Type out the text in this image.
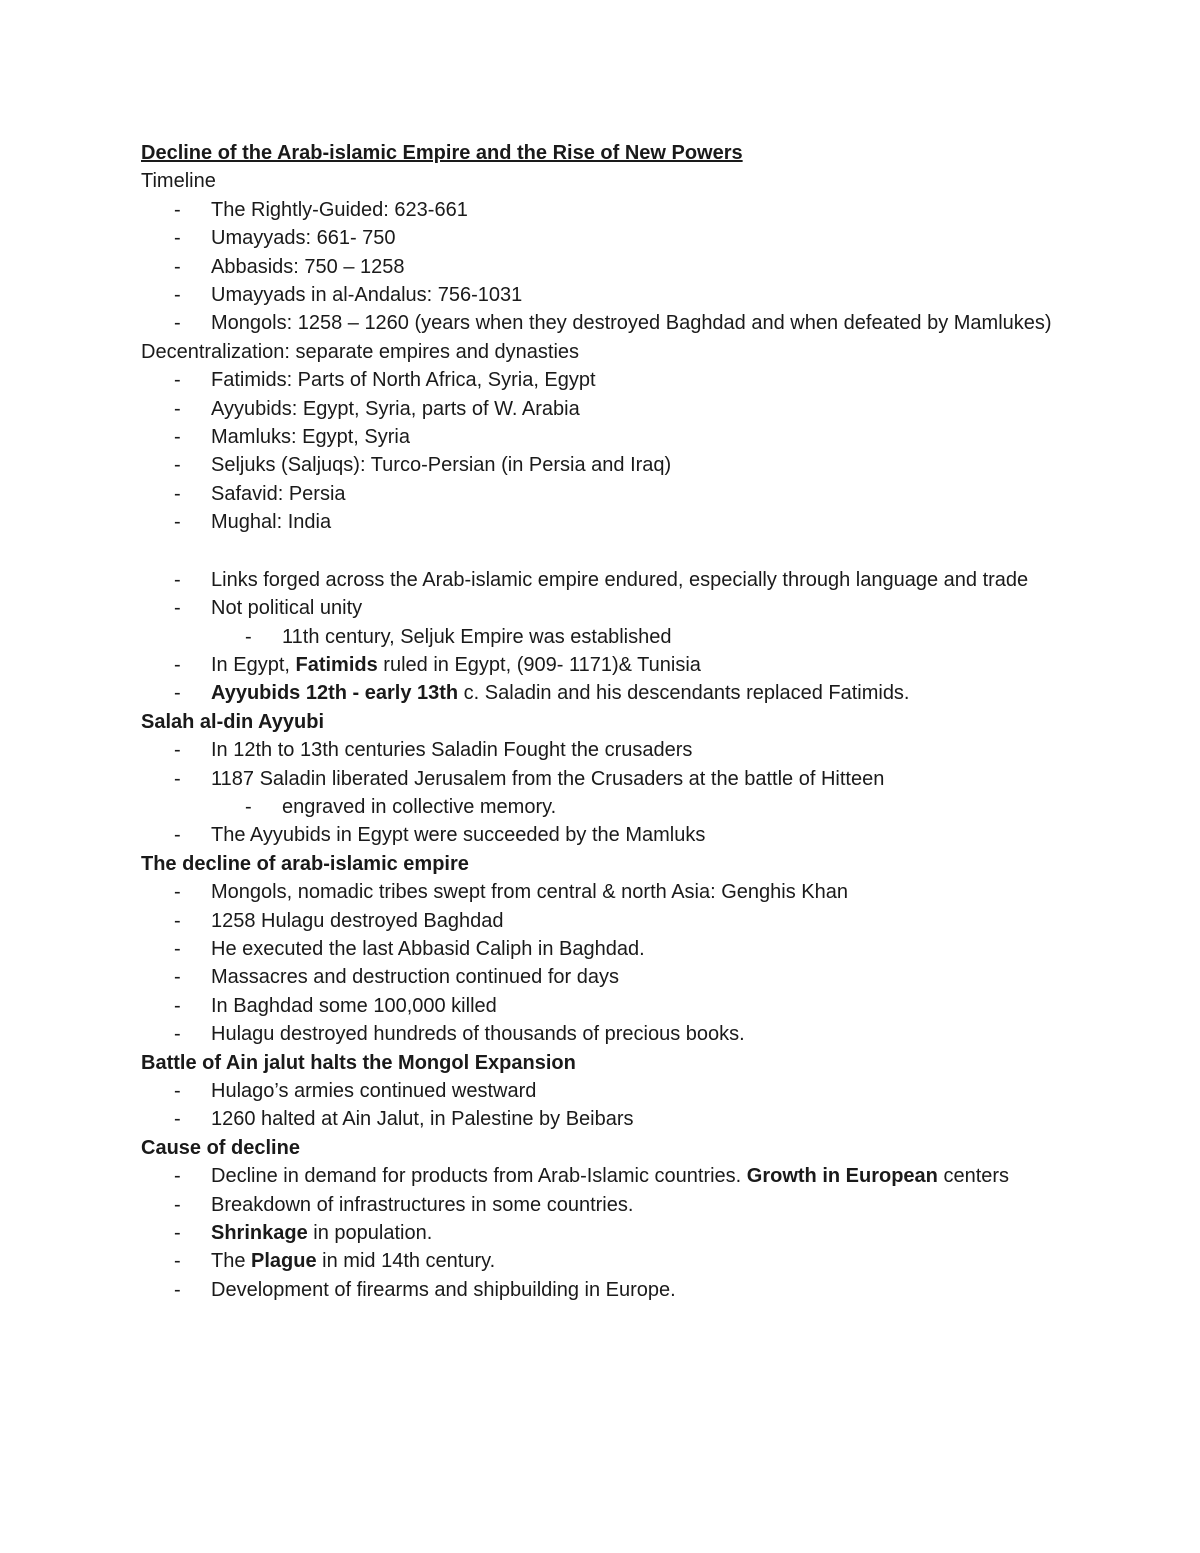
Decline of the Arab-islamic Empire and the Rise of New Powers

Timeline

- The Rightly-Guided: 623-661
- Umayyads: 661- 750
- Abbasids: 750 – 1258
- Umayyads in al-Andalus: 756-1031
- Mongols: 1258 – 1260 (years when they destroyed Baghdad and when defeated by Mamlukes)

Decentralization: separate empires and dynasties

- Fatimids: Parts of North Africa, Syria, Egypt
- Ayyubids: Egypt, Syria, parts of W. Arabia
- Mamluks: Egypt, Syria
- Seljuks (Saljuqs): Turco-Persian (in Persia and Iraq)
- Safavid: Persia
- Mughal: India
- Links forged across the Arab-islamic empire endured, especially through language and trade
- Not political unity
- 11th century, Seljuk Empire was established
- In Egypt, Fatimids ruled in Egypt, (909- 1171)& Tunisia
- Ayyubids 12th - early 13th c. Saladin and his descendants replaced Fatimids.

Salah al-din Ayyubi

- In 12th to 13th centuries Saladin Fought the crusaders
- 1187 Saladin liberated Jerusalem from the Crusaders at the battle of Hitteen
- engraved in collective memory.
- The Ayyubids in Egypt were succeeded by the Mamluks

The decline of arab-islamic empire

- Mongols, nomadic tribes swept from central & north Asia: Genghis Khan
- 1258 Hulagu destroyed Baghdad
- He executed the last Abbasid Caliph in Baghdad.
- Massacres and destruction continued for days
- In Baghdad some 100,000 killed
- Hulagu destroyed hundreds of thousands of precious books.

Battle of Ain jalut halts the Mongol Expansion

- Hulago’s armies continued westward
- 1260 halted at Ain Jalut, in Palestine by Beibars

Cause of decline

- Decline in demand for products from Arab-Islamic countries. Growth in European centers
- Breakdown of infrastructures in some countries.
- Shrinkage in population.
- The Plague in mid 14th century.
- Development of firearms and shipbuilding in Europe.
